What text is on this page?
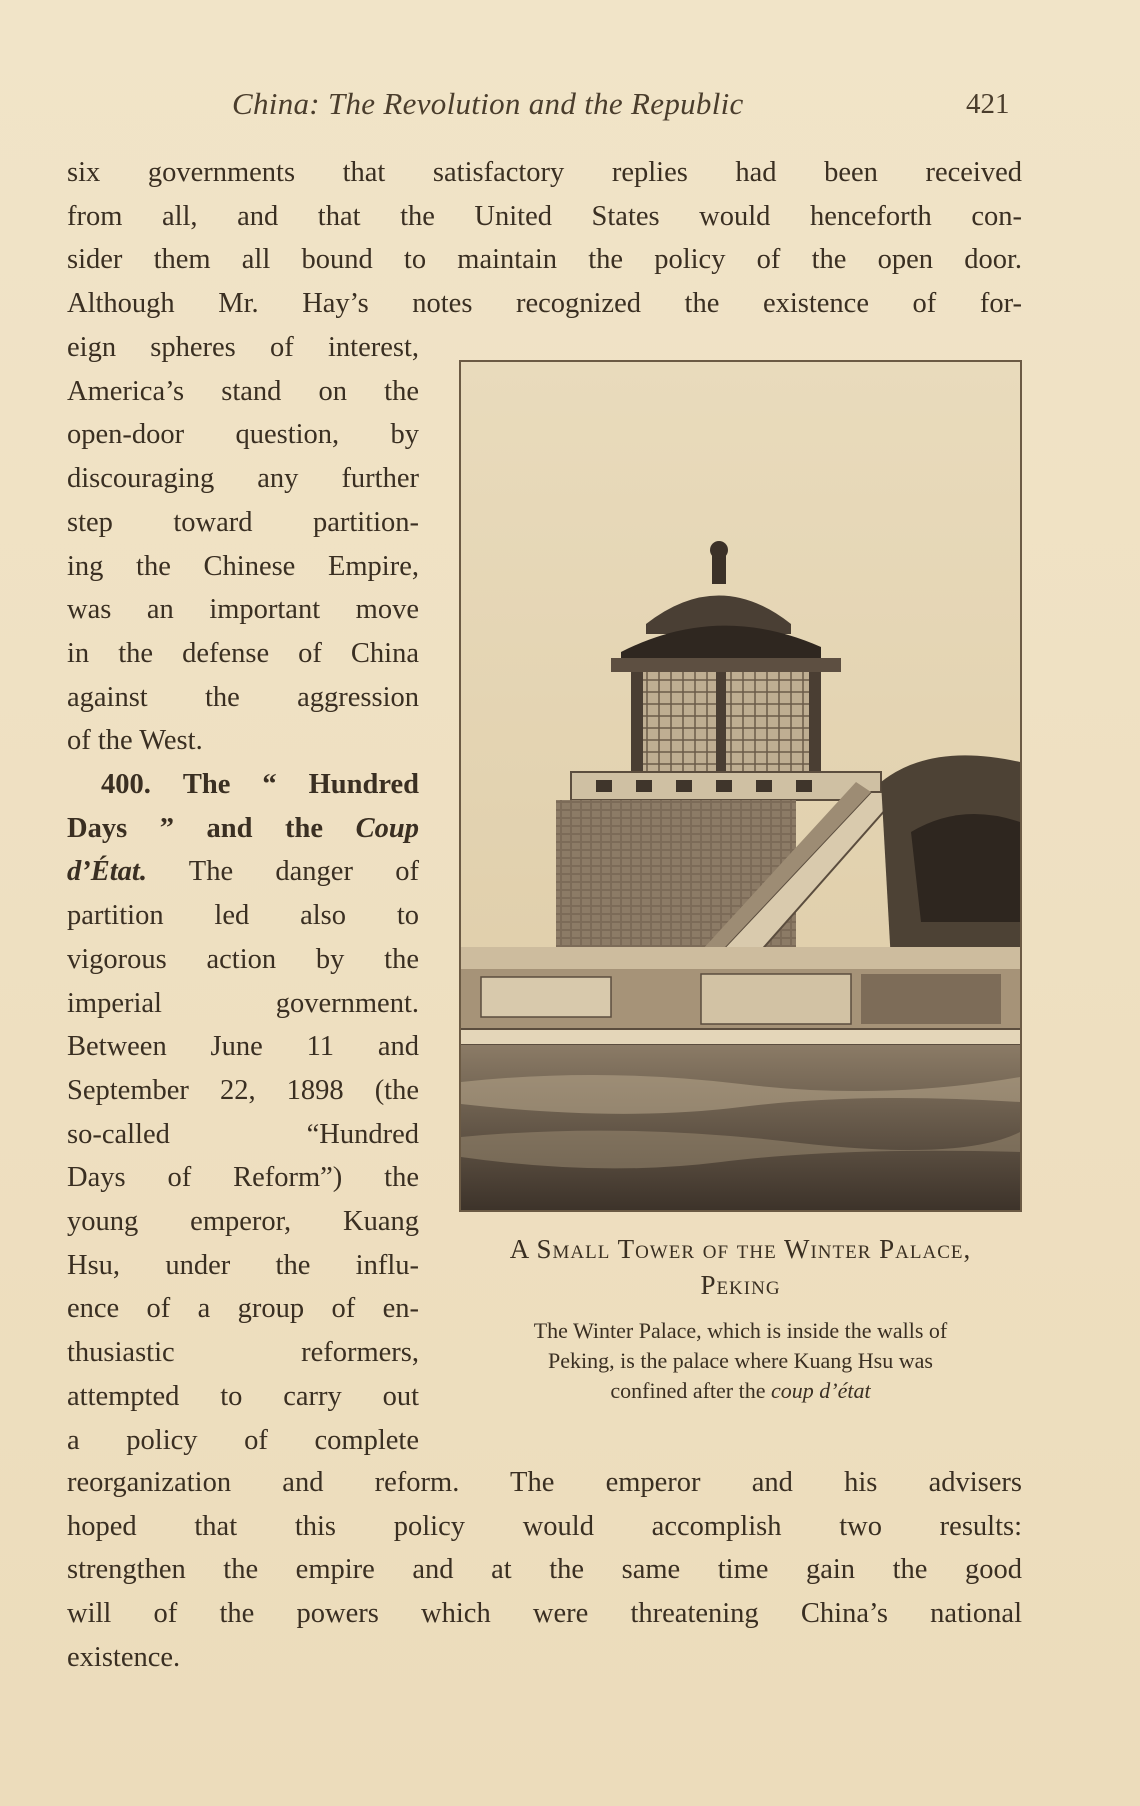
China: The Revolution and the Republic	421
six governments that satisfactory replies had been received
from all, and that the United States would henceforth con-
sider them all bound to maintain the policy of the open door.
Although Mr. Hay’s notes recognized the existence of for-
eign spheres of interest,
America’s stand on the
open-door question, by
discouraging any further
step toward partition-
ing the Chinese Empire,
was an important move
in the defense of China
against the aggression
of the West.
400. The “ Hundred
Days ” and the Coup
d’État. The danger of
partition led also to
vigorous action by the
imperial government.
Between June 11 and
September 22, 1898 (the
so-called “Hundred
Days of Reform”) the
young emperor, Kuang
Hsu, under the influ-
ence of a group of en-
thusiastic reformers,
attempted to carry out
a policy of complete
A Small Tower of the Winter Palace,
Peking
The Winter Palace, which is inside the walls of
Peking, is the palace where Kuang Hsu was
confined after the coup d’état
reorganization and reform. The emperor and his advisers
hoped that this policy would accomplish two results:
strengthen the empire and at the same time gain the good
will of the powers which were threatening China’s national
existence.
